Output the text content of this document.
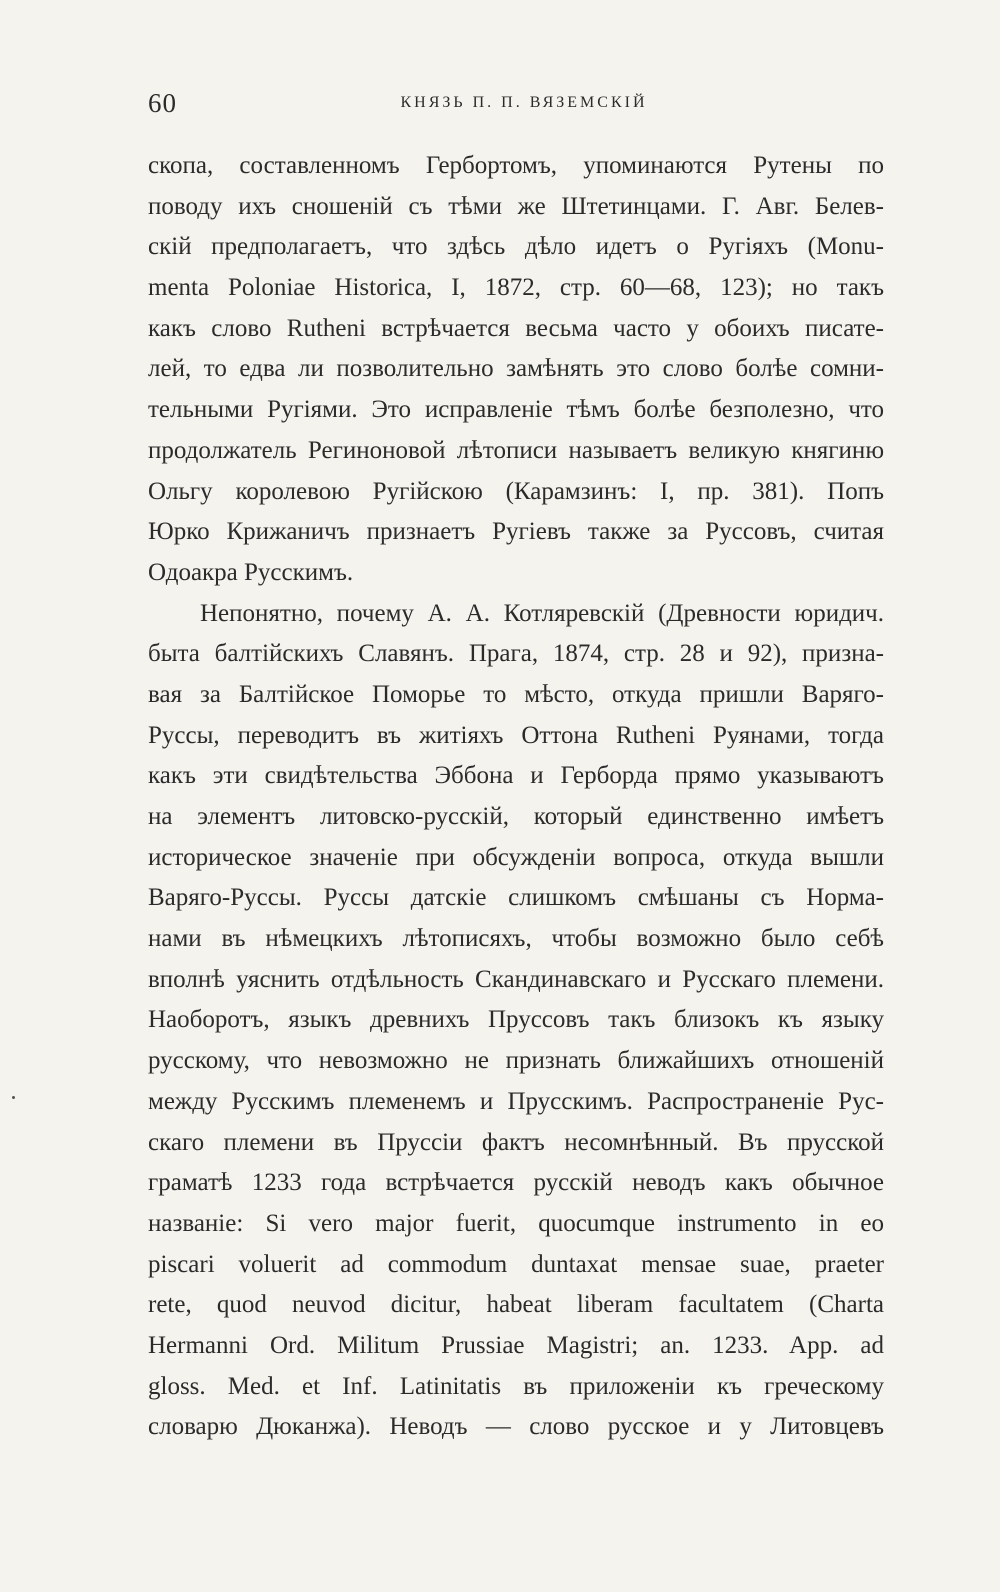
60	КНЯЗЬ П. П. ВЯЗЕМСКІЙ
скопа, составленномъ Гербортомъ, упоминаются Рутены по
поводу ихъ сношеній съ тѣми же Штетинцами. Г. Авг. Белев-
скій предполагаетъ, что здѣсь дѣло идетъ о Ругіяхъ (Monu-
menta Poloniae Historica, I, 1872, стр. 60—68, 123); но такъ
какъ слово Rutheni встрѣчается весьма часто у обоихъ писате-
лей, то едва ли позволительно замѣнять это слово болѣе сомни-
тельными Ругіями. Это исправленіе тѣмъ болѣе безполезно, что
продолжатель Региноновой лѣтописи называетъ великую княгиню
Ольгу королевою Ругійскою (Карамзинъ: I, пр. 381). Попъ
Юрко Крижаничъ признаетъ Ругіевъ также за Руссовъ, считая
Одоакра Русскимъ.
Непонятно, почему А. А. Котляревскій (Древности юридич.
быта балтійскихъ Славянъ. Прага, 1874, стр. 28 и 92), призна-
вая за Балтійское Поморье то мѣсто, откуда пришли Варяго-
Руссы, переводитъ въ житіяхъ Оттона Rutheni Руянами, тогда
какъ эти свидѣтельства Эббона и Герборда прямо указываютъ
на элементъ литовско-русскій, который единственно имѣетъ
историческое значеніе при обсужденіи вопроса, откуда вышли
Варяго-Руссы. Руссы датскіе слишкомъ смѣшаны съ Норма-
нами въ нѣмецкихъ лѣтописяхъ, чтобы возможно было себѣ
вполнѣ уяснить отдѣльность Скандинавскаго и Русскаго племени.
Наоборотъ, языкъ древнихъ Пруссовъ такъ близокъ къ языку
русскому, что невозможно не признать ближайшихъ отношеній
между Русскимъ племенемъ и Прусскимъ. Распространеніе Рус-
скаго племени въ Пруссіи фактъ несомнѣнный. Въ прусской
граматѣ 1233 года встрѣчается русскій неводъ какъ обычное
названіе: Si vero major fuerit, quocumque instrumento in eo
piscari voluerit ad commodum duntaxat mensae suae, praeter
rete, quod neuvod dicitur, habeat liberam facultatem (Charta
Hermanni Ord. Militum Prussiae Magistri; an. 1233. App. ad
gloss. Med. et Inf. Latinitatis въ приложеніи къ греческому
словарю Дюканжа). Неводъ — слово русское и у Литовцевъ
